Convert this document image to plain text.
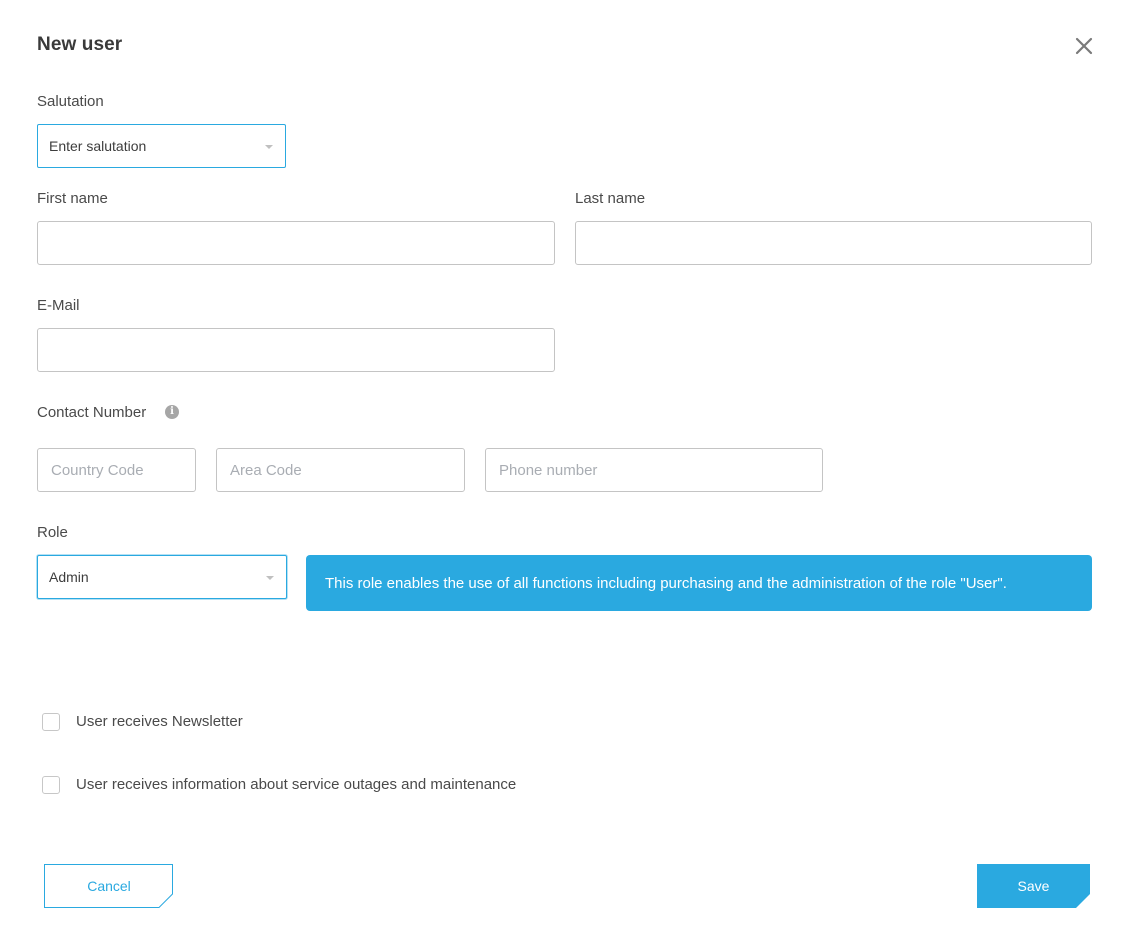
New user
Salutation
Enter salutation
First name	Last name
E-Mail
Contact Number	i
Country Code
Area Code
Phone number
Role
Admin	This role enables the use of all functions including purchasing and the administration of the role "User".
User receives Newsletter
User receives information about service outages and maintenance
Cancel	Save
